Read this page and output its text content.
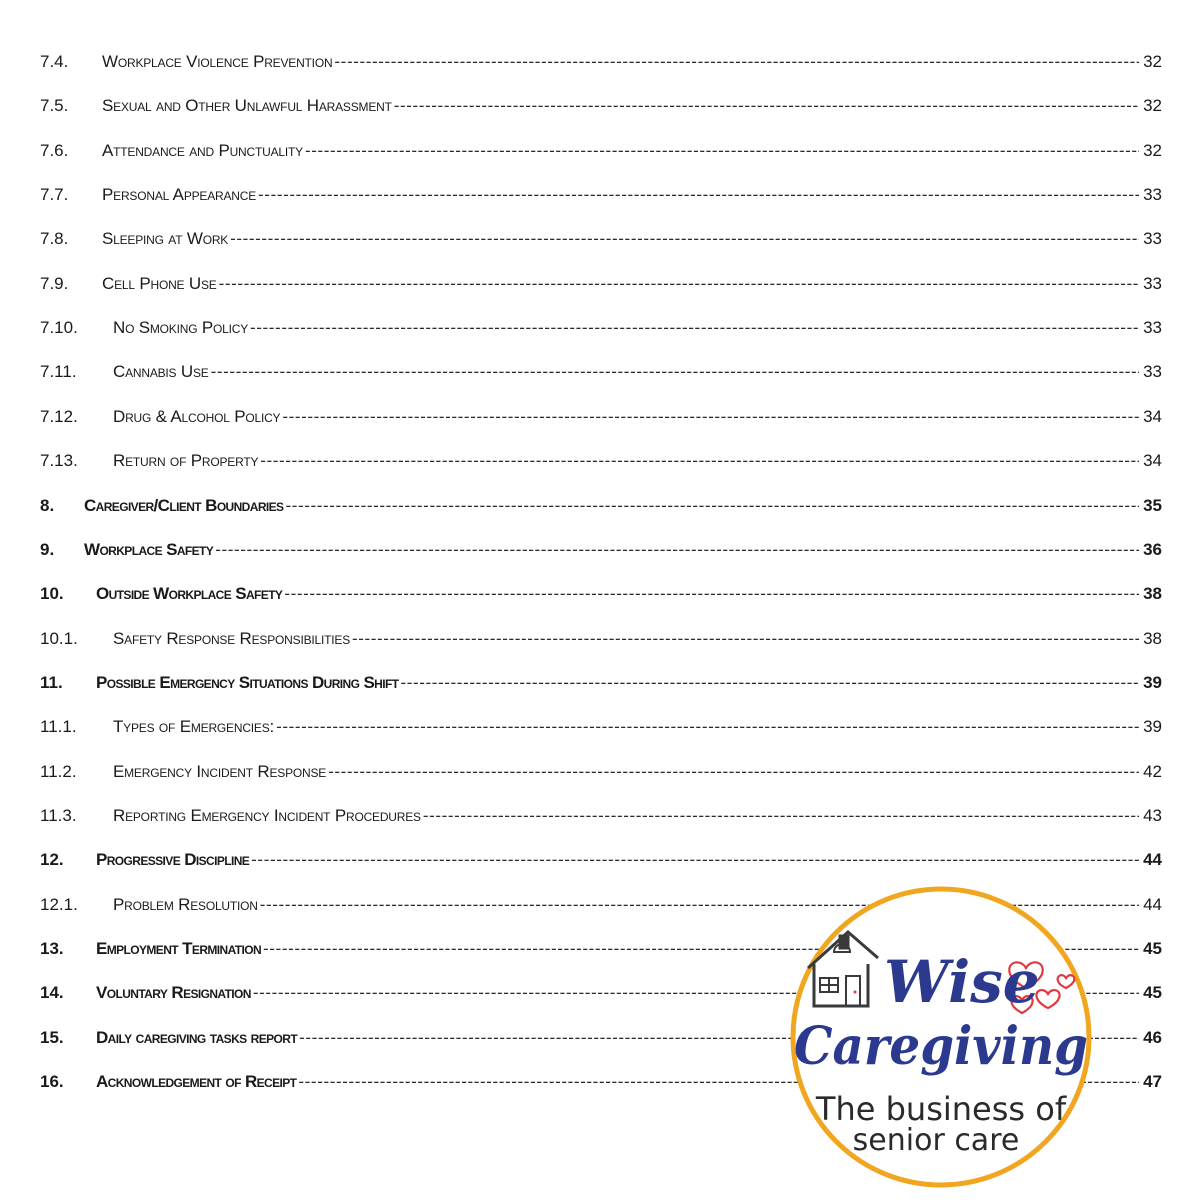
7.4.	Workplace Violence Prevention -----	32
7.5.	Sexual and Other Unlawful Harassment -----	32
7.6.	Attendance and Punctuality -----	32
7.7.	Personal Appearance -----	33
7.8.	Sleeping at Work -----	33
7.9.	Cell Phone Use -----	33
7.10.	No Smoking Policy -----	33
7.11.	Cannabis Use -----	33
7.12.	Drug & Alcohol Policy -----	34
7.13.	Return of Property -----	34
8.	Caregiver/Client Boundaries -----	35
9.	Workplace Safety -----	36
10.	Outside Workplace Safety -----	38
10.1.	Safety Response Responsibilities -----	38
11.	Possible Emergency Situations During Shift -----	39
11.1.	Types of Emergencies: -----	39
11.2.	Emergency Incident Response -----	42
11.3.	Reporting Emergency Incident Procedures -----	43
12.	Progressive Discipline -----	44
12.1.	Problem Resolution -----	44
13.	Employment Termination -----	45
14.	Voluntary Resignation -----	45
15.	Daily caregiving tasks report -----	46
16.	Acknowledgement of Receipt -----	47
Wise
Caregiving
The business of
senior care
